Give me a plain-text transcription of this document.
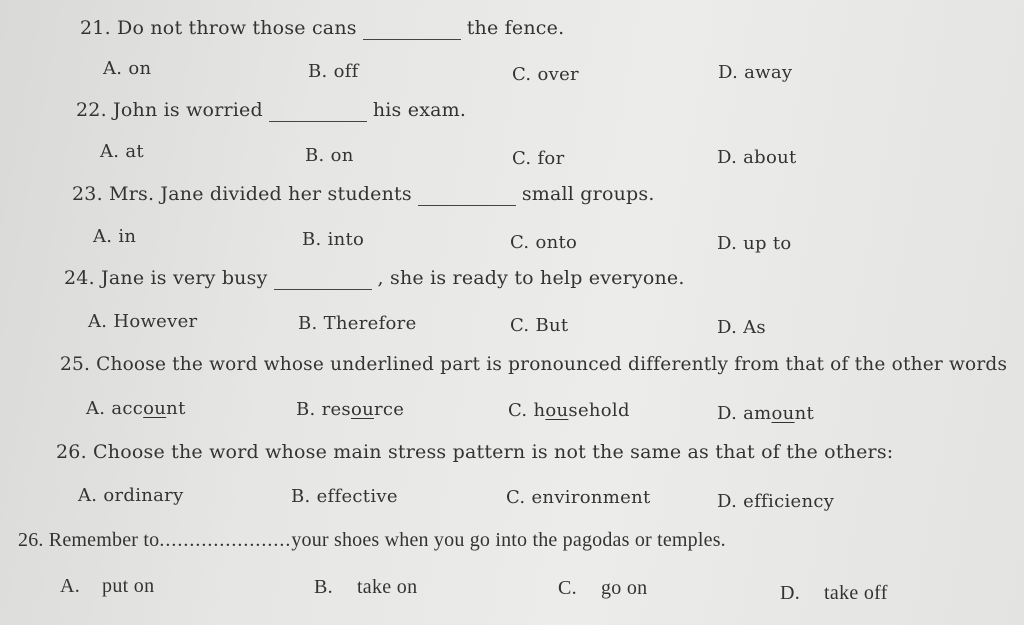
21. Do not throw those cans	the fence.
A. on	B. off	C. over	D. away
22. John is worried	his exam.
A. at	B. on	C. for	D. about
23. Mrs. Jane divided her students	small groups.
A. in	B. into	C. onto	D. up to
24. Jane is very busy	, she is ready to help everyone.
A. However	B. Therefore	C. But	D. As
25. Choose the word whose underlined part is pronounced differently from that of the other words
A. account	B. resource	C. household	D. amount
26. Choose the word whose main stress pattern is not the same as that of the others:
A. ordinary	B. effective	C. environment	D. efficiency
26. Remember to......................your shoes when you go into the pagodas or temples.
A. put on	B. take on	C. go on	D. take off
